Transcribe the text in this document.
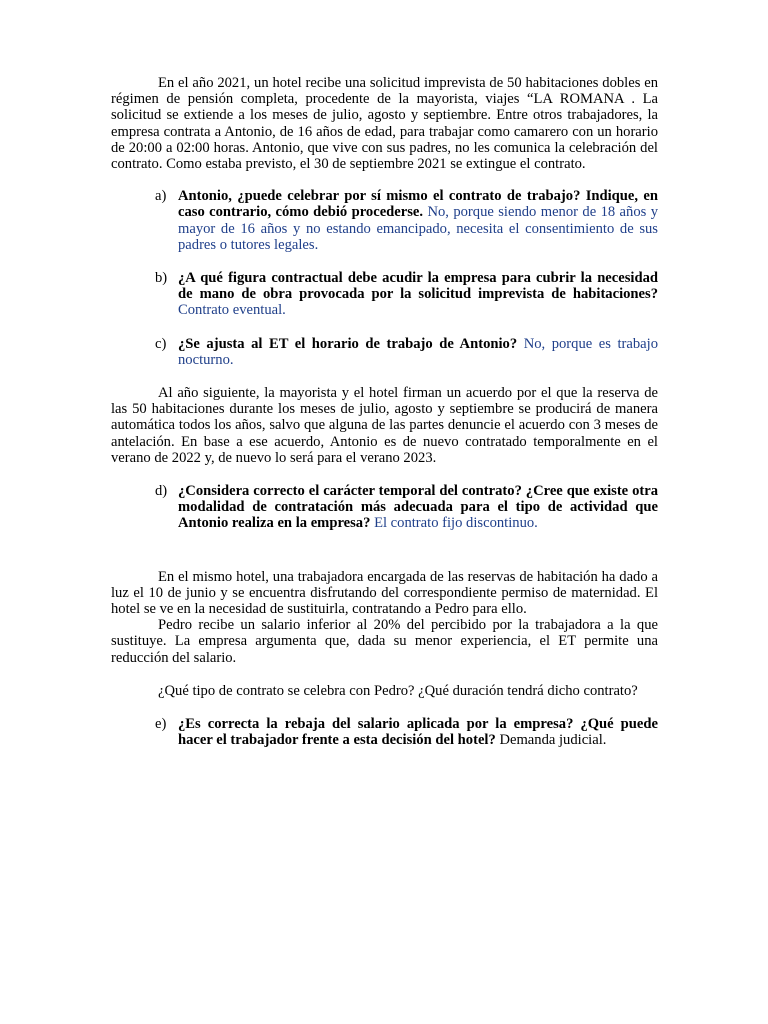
En el año 2021, un hotel recibe una solicitud imprevista de 50 habitaciones dobles en régimen de pensión completa, procedente de la mayorista, viajes “LA ROMANA . La solicitud se extiende a los meses de julio, agosto y septiembre. Entre otros trabajadores, la empresa contrata a Antonio, de 16 años de edad, para trabajar como camarero con un horario de 20:00 a 02:00 horas. Antonio, que vive con sus padres, no les comunica la celebración del contrato. Como estaba previsto, el 30 de septiembre 2021 se extingue el contrato.

a) Antonio, ¿puede celebrar por sí mismo el contrato de trabajo? Indique, en caso contrario, cómo debió procederse. No, porque siendo menor de 18 años y mayor de 16 años y no estando emancipado, necesita el consentimiento de sus padres o tutores legales.

b) ¿A qué figura contractual debe acudir la empresa para cubrir la necesidad de mano de obra provocada por la solicitud imprevista de habitaciones? Contrato eventual.

c) ¿Se ajusta al ET el horario de trabajo de Antonio? No, porque es trabajo nocturno.

Al año siguiente, la mayorista y el hotel firman un acuerdo por el que la reserva de las 50 habitaciones durante los meses de julio, agosto y septiembre se producirá de manera automática todos los años, salvo que alguna de las partes denuncie el acuerdo con 3 meses de antelación. En base a ese acuerdo, Antonio es de nuevo contratado temporalmente en el verano de 2022 y, de nuevo lo será para el verano 2023.

d) ¿Considera correcto el carácter temporal del contrato? ¿Cree que existe otra modalidad de contratación más adecuada para el tipo de actividad que Antonio realiza en la empresa? El contrato fijo discontinuo.

En el mismo hotel, una trabajadora encargada de las reservas de habitación ha dado a luz el 10 de junio y se encuentra disfrutando del correspondiente permiso de maternidad. El hotel se ve en la necesidad de sustituirla, contratando a Pedro para ello.

Pedro recibe un salario inferior al 20% del percibido por la trabajadora a la que sustituye. La empresa argumenta que, dada su menor experiencia, el ET permite una reducción del salario.

¿Qué tipo de contrato se celebra con Pedro? ¿Qué duración tendrá dicho contrato?

e) ¿Es correcta la rebaja del salario aplicada por la empresa? ¿Qué puede hacer el trabajador frente a esta decisión del hotel? Demanda judicial.
